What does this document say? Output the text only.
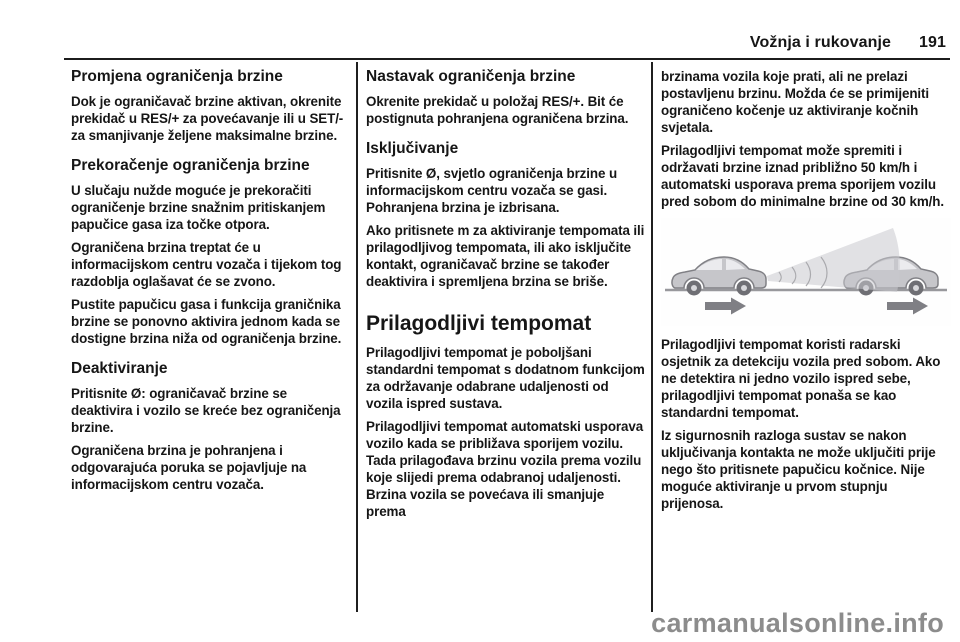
Vožnja i rukovanje 191
Promjena ograničenja brzine

Dok je ograničavač brzine aktivan, okrenite prekidač u RES/+ za povećavanje ili u SET/- za smanjivanje željene maksimalne brzine.

Prekoračenje ograničenja brzine

U slučaju nužde moguće je prekoračiti ograničenje brzine snažnim pritiskanjem papučice gasa iza točke otpora.

Ograničena brzina treptat će u informacijskom centru vozača i tijekom tog razdoblja oglašavat će se zvono.

Pustite papučicu gasa i funkcija graničnika brzine se ponovno aktivira jednom kada se dostigne brzina niža od ograničenja brzine.

Deaktiviranje

Pritisnite Ø: ograničavač brzine se deaktivira i vozilo se kreće bez ograničenja brzine.

Ograničena brzina je pohranjena i odgovarajuća poruka se pojavljuje na informacijskom centru vozača.

Nastavak ograničenja brzine

Okrenite prekidač u položaj RES/+. Bit će postignuta pohranjena ograničena brzina.

Isključivanje

Pritisnite Ø, svjetlo ograničenja brzine u informacijskom centru vozača se gasi. Pohranjena brzina je izbrisana.

Ako pritisnete m za aktiviranje tempomata ili prilagodljivog tempomata, ili ako isključite kontakt, ograničavač brzine se također deaktivira i spremljena brzina se briše.

Prilagodljivi tempomat

Prilagodljivi tempomat je poboljšani standardni tempomat s dodatnom funkcijom za održavanje odabrane udaljenosti od vozila ispred sustava.

Prilagodljivi tempomat automatski usporava vozilo kada se približava sporijem vozilu. Tada prilagođava brzinu vozila prema vozilu koje slijedi prema odabranoj udaljenosti. Brzina vozila se povećava ili smanjuje prema

brzinama vozila koje prati, ali ne prelazi postavljenu brzinu. Možda će se primijeniti ograničeno kočenje uz aktiviranje kočnih svjetala.

Prilagodljivi tempomat može spremiti i održavati brzine iznad približno 50 km/h i automatski usporava prema sporijem vozilu pred sobom do minimalne brzine od 30 km/h.

Prilagodljivi tempomat koristi radarski osjetnik za detekciju vozila pred sobom. Ako ne detektira ni jedno vozilo ispred sebe, prilagodljivi tempomat ponaša se kao standardni tempomat.

Iz sigurnosnih razloga sustav se nakon uključivanja kontakta ne može uključiti prije nego što pritisnete papučicu kočnice. Nije moguće aktiviranje u prvom stupnju prijenosa.

carmanualsonline.info
